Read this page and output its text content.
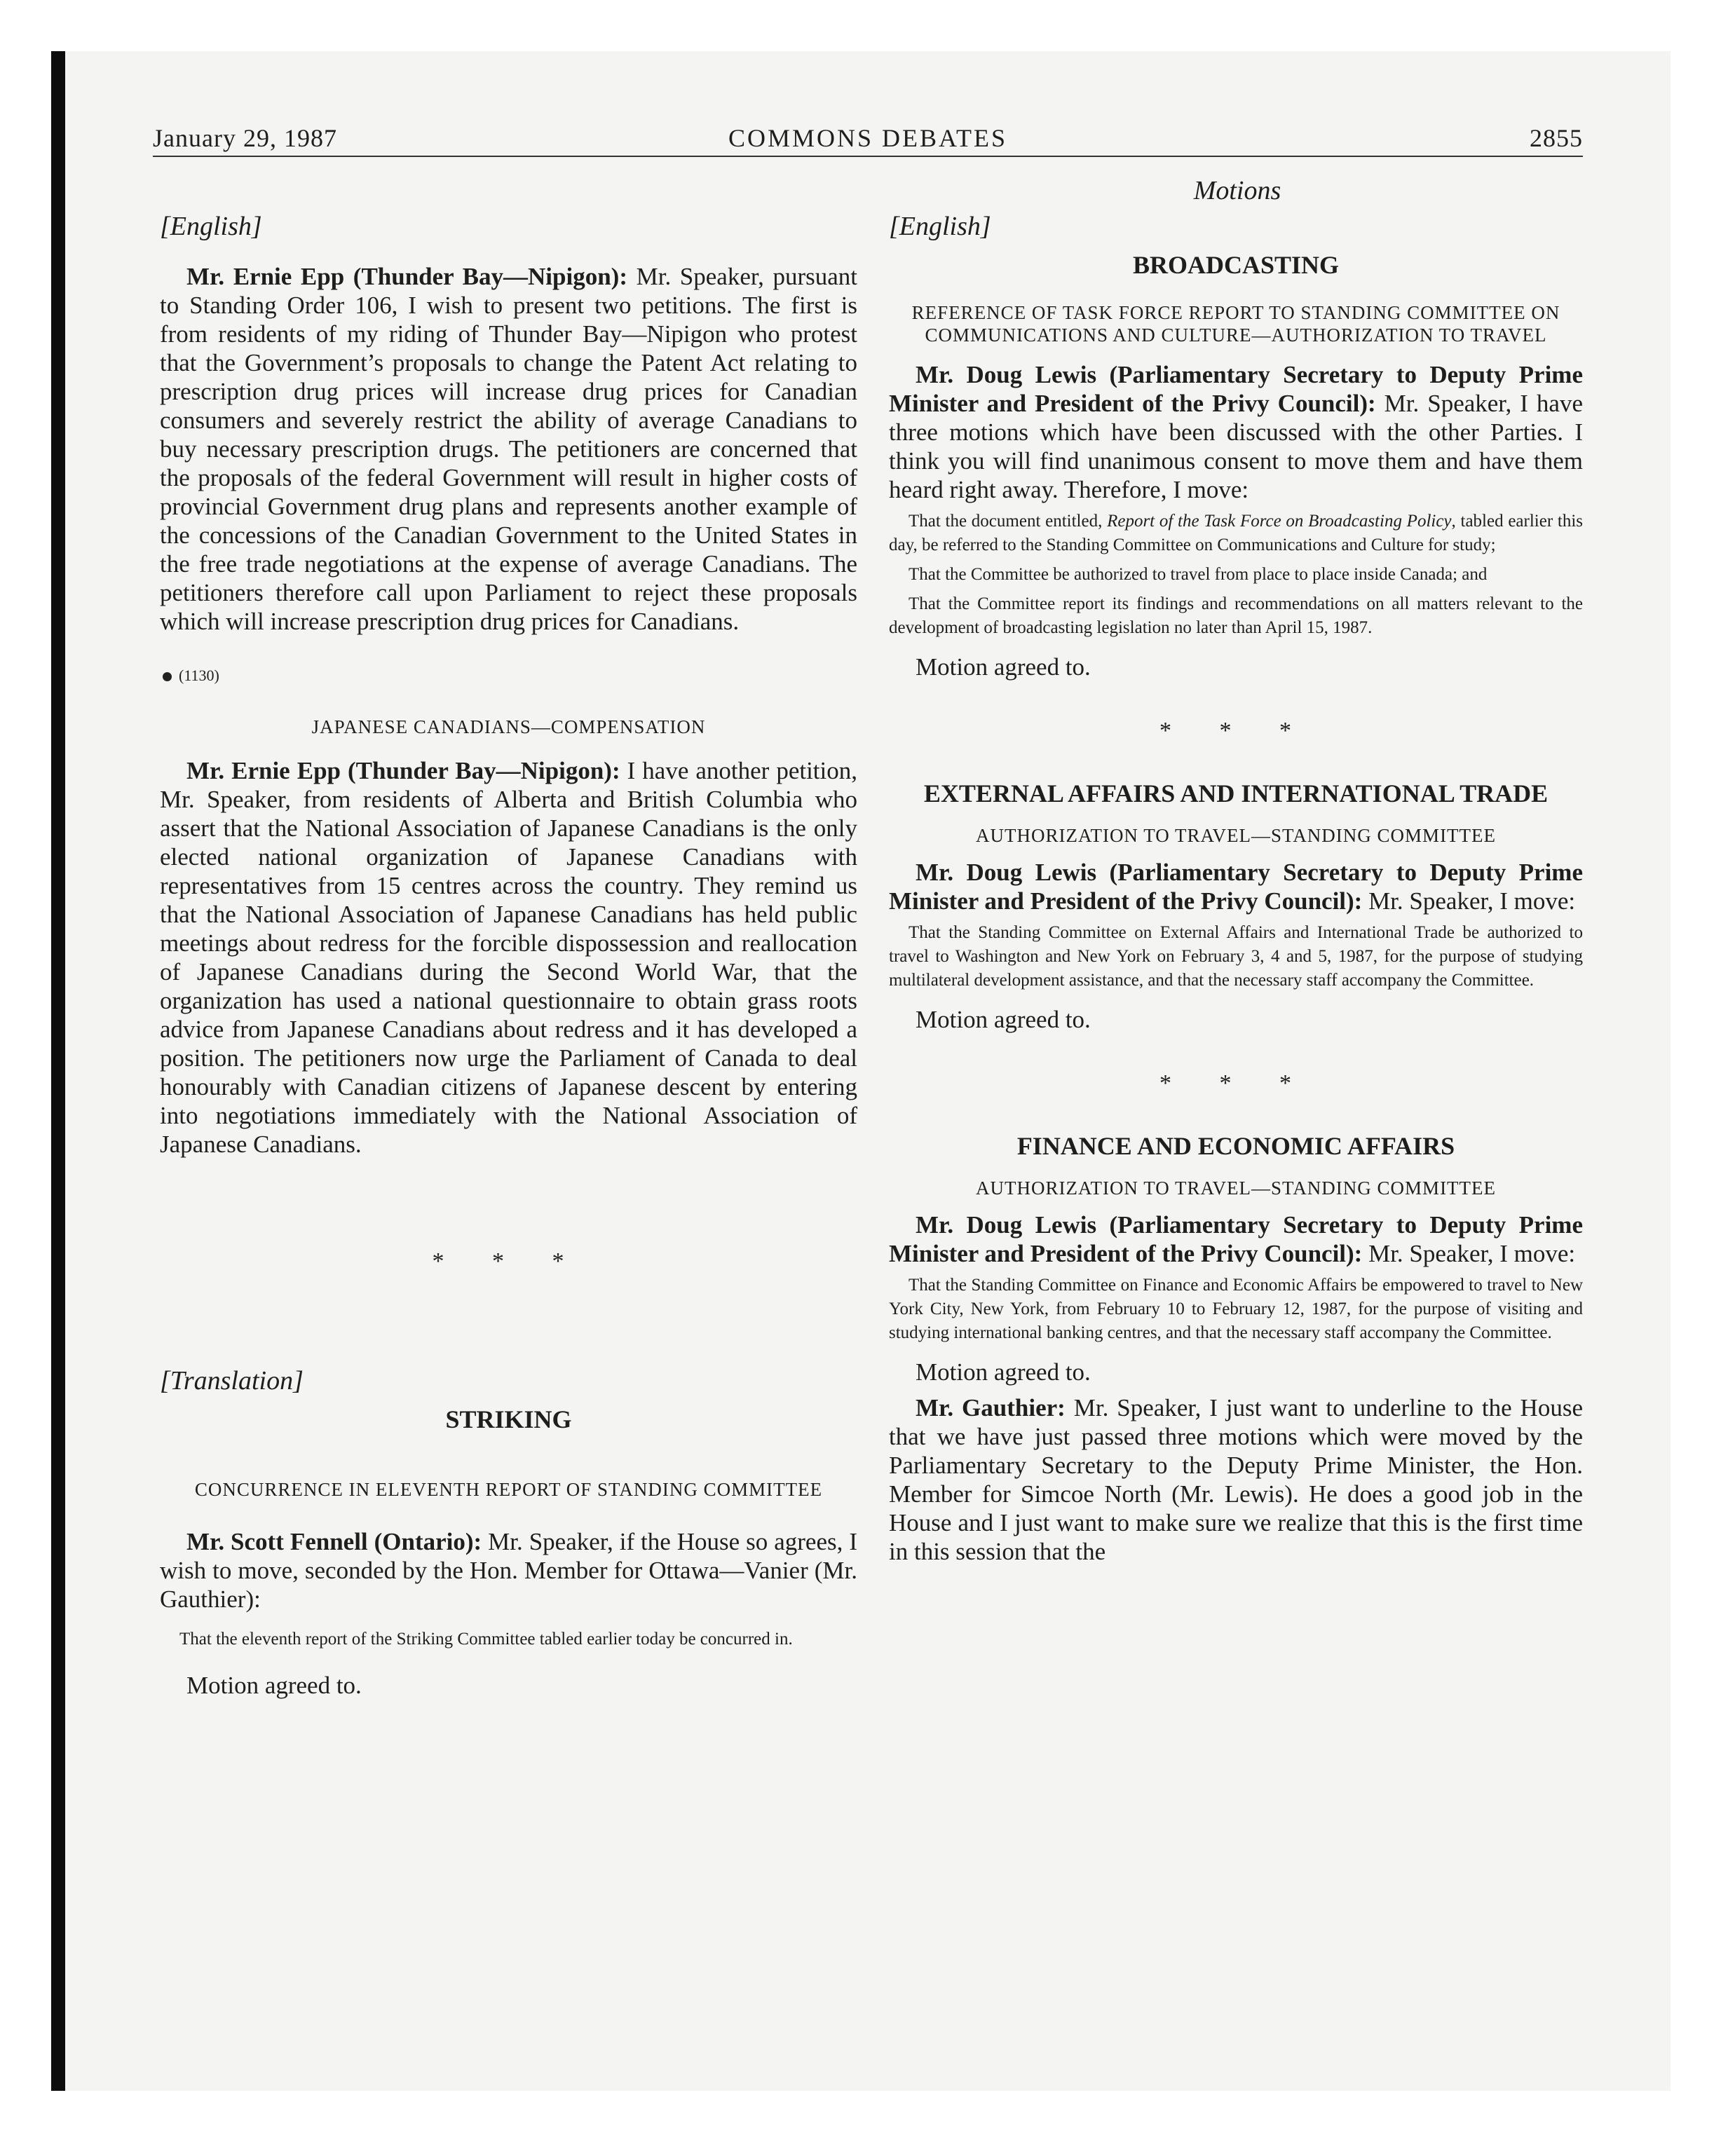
January 29, 1987	COMMONS DEBATES	2855
Motions

[English]

Mr. Ernie Epp (Thunder Bay—Nipigon): Mr. Speaker, pursuant to Standing Order 106, I wish to present two petitions. The first is from residents of my riding of Thunder Bay—Nipigon who protest that the Government’s proposals to change the Patent Act relating to prescription drug prices will increase drug prices for Canadian consumers and severely restrict the ability of average Canadians to buy necessary prescription drugs. The petitioners are concerned that the proposals of the federal Government will result in higher costs of provincial Government drug plans and represents another example of the concessions of the Canadian Government to the United States in the free trade negotiations at the expense of average Canadians. The petitioners therefore call upon Parliament to reject these proposals which will increase prescription drug prices for Canadians.

(1130)

JAPANESE CANADIANS—COMPENSATION

Mr. Ernie Epp (Thunder Bay—Nipigon): I have another petition, Mr. Speaker, from residents of Alberta and British Columbia who assert that the National Association of Japanese Canadians is the only elected national organization of Japanese Canadians with representatives from 15 centres across the country. They remind us that the National Association of Japanese Canadians has held public meetings about redress for the forcible dispossession and reallocation of Japanese Canadians during the Second World War, that the organization has used a national questionnaire to obtain grass roots advice from Japanese Canadians about redress and it has developed a position. The petitioners now urge the Parliament of Canada to deal honourably with Canadian citizens of Japanese descent by entering into negotiations immediately with the National Association of Japanese Canadians.

* * *

[Translation]

STRIKING

CONCURRENCE IN ELEVENTH REPORT OF STANDING COMMITTEE

Mr. Scott Fennell (Ontario): Mr. Speaker, if the House so agrees, I wish to move, seconded by the Hon. Member for Ottawa—Vanier (Mr. Gauthier):

That the eleventh report of the Striking Committee tabled earlier today be concurred in.

Motion agreed to.

[English]

BROADCASTING

REFERENCE OF TASK FORCE REPORT TO STANDING COMMITTEE ON COMMUNICATIONS AND CULTURE—AUTHORIZATION TO TRAVEL

Mr. Doug Lewis (Parliamentary Secretary to Deputy Prime Minister and President of the Privy Council): Mr. Speaker, I have three motions which have been discussed with the other Parties. I think you will find unanimous consent to move them and have them heard right away. Therefore, I move:

That the document entitled, Report of the Task Force on Broadcasting Policy, tabled earlier this day, be referred to the Standing Committee on Communications and Culture for study;

That the Committee be authorized to travel from place to place inside Canada; and

That the Committee report its findings and recommendations on all matters relevant to the development of broadcasting legislation no later than April 15, 1987.

Motion agreed to.

* * *

EXTERNAL AFFAIRS AND INTERNATIONAL TRADE

AUTHORIZATION TO TRAVEL—STANDING COMMITTEE

Mr. Doug Lewis (Parliamentary Secretary to Deputy Prime Minister and President of the Privy Council): Mr. Speaker, I move:

That the Standing Committee on External Affairs and International Trade be authorized to travel to Washington and New York on February 3, 4 and 5, 1987, for the purpose of studying multilateral development assistance, and that the necessary staff accompany the Committee.

Motion agreed to.

* * *

FINANCE AND ECONOMIC AFFAIRS

AUTHORIZATION TO TRAVEL—STANDING COMMITTEE

Mr. Doug Lewis (Parliamentary Secretary to Deputy Prime Minister and President of the Privy Council): Mr. Speaker, I move:

That the Standing Committee on Finance and Economic Affairs be empowered to travel to New York City, New York, from February 10 to February 12, 1987, for the purpose of visiting and studying international banking centres, and that the necessary staff accompany the Committee.

Motion agreed to.

Mr. Gauthier: Mr. Speaker, I just want to underline to the House that we have just passed three motions which were moved by the Parliamentary Secretary to the Deputy Prime Minister, the Hon. Member for Simcoe North (Mr. Lewis). He does a good job in the House and I just want to make sure we realize that this is the first time in this session that the
